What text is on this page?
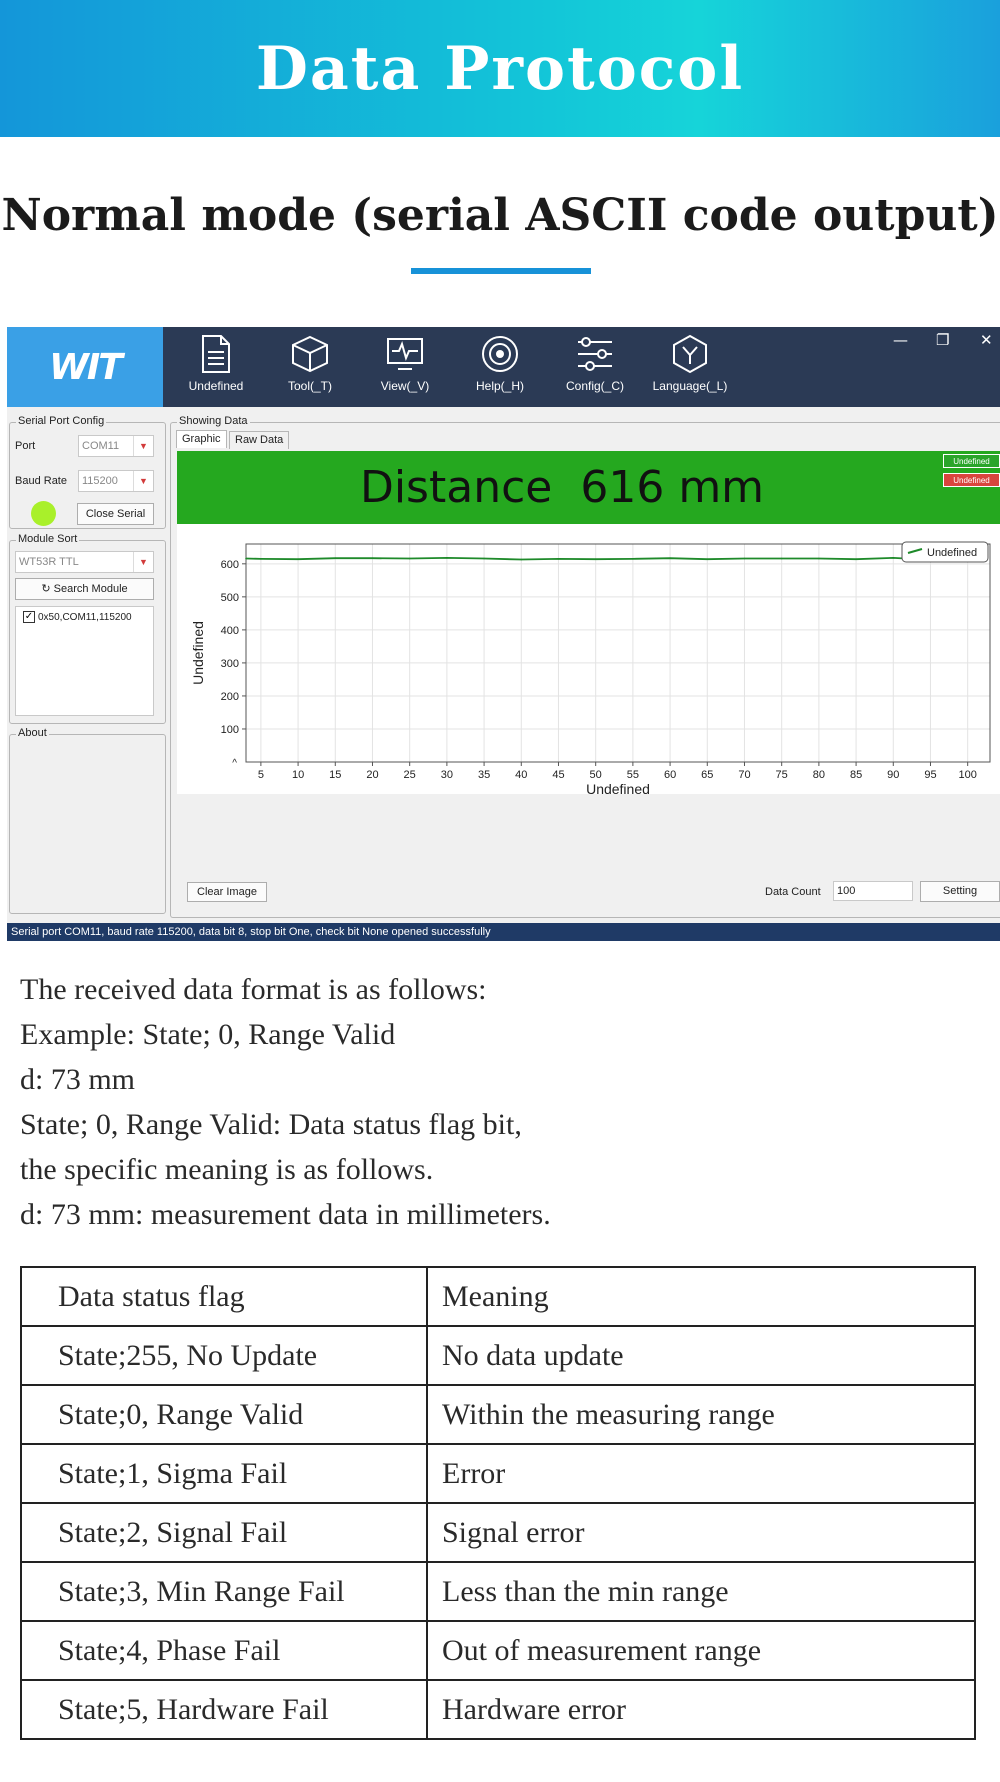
Data Protocol
Normal mode (serial ASCII code output)
WIT	Undefined	Tool(_T)	View(_V)	Help(_H)	Config(_C)	Language(_L)
— ❐ ✕
Serial Port Config
Port	COM11	▼
Baud Rate	115200	▼
Close Serial
Module Sort
WT53R TTL	▼
↻ Search Module
✓ 0x50,COM11,115200
About
Showing Data
Graphic	Raw Data
Distance 616 mm
Undefined
Undefined
5	10 15 20 25 30 35 40 45 50 55 60 65 70 75 80 85 90 95 100
100
200
300
400
500
600
^
Undefined
Undefined
Undefined
Clear Image	Data Count
100	Setting
Serial port COM11, baud rate 115200, data bit 8, stop bit One, check bit None opened successfully

The received data format is as follows:

Example: State; 0, Range Valid

d: 73 mm

State; 0, Range Valid: Data status flag bit,

the specific meaning is as follows.

d: 73 mm: measurement data in millimeters.

Data status flag	Meaning
State;255, No Update	No data update
State;0, Range Valid	Within the measuring range
State;1, Sigma Fail	Error
State;2, Signal Fail	Signal error
State;3, Min Range Fail	Less than the min range
State;4, Phase Fail	Out of measurement range
State;5, Hardware Fail	Hardware error
